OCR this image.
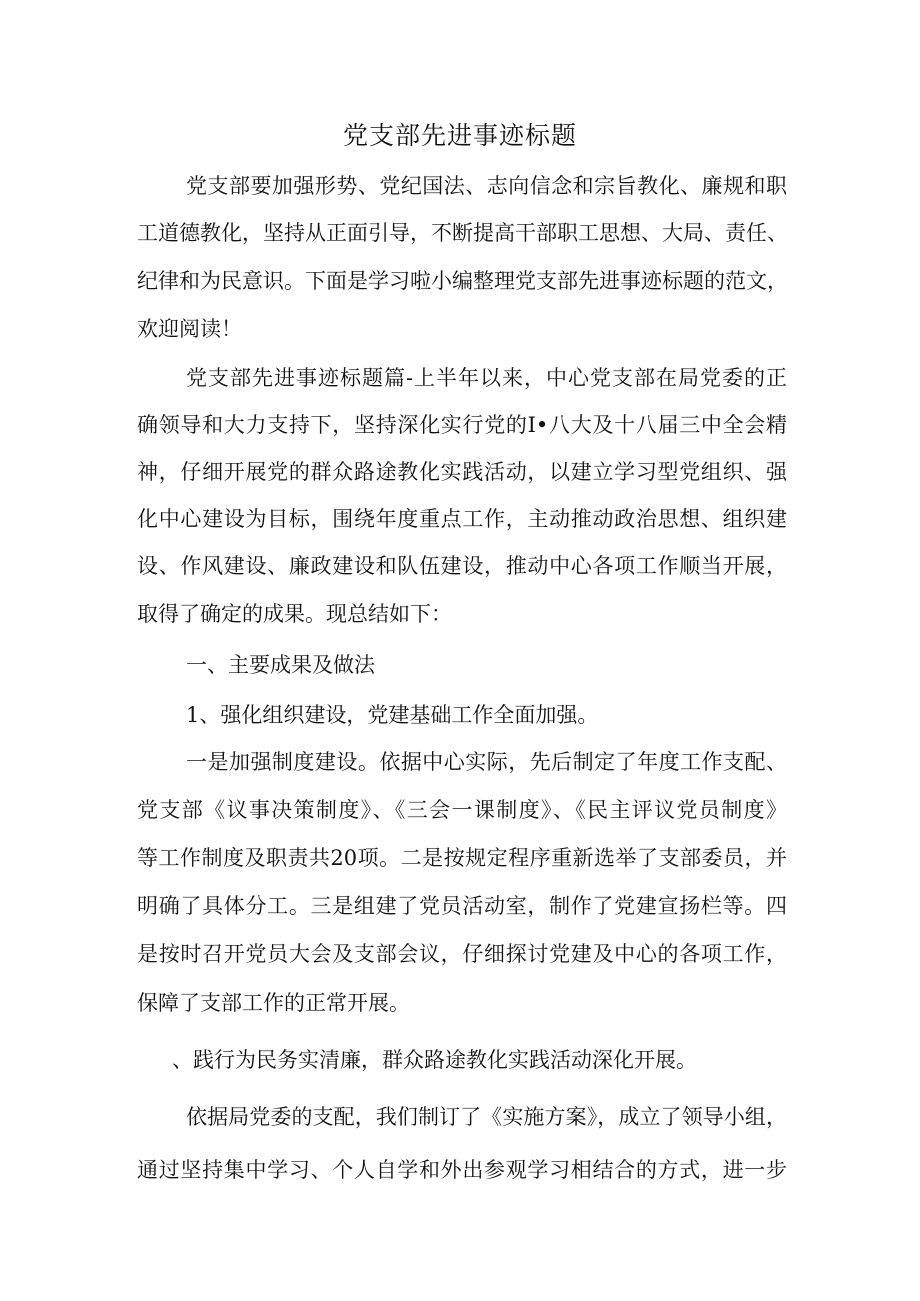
党支部先进事迹标题
党支部要加强形势、党纪国法、志向信念和宗旨教化、廉规和职
工道德教化，坚持从正面引导，不断提高干部职工思想、大局、责任、
纪律和为民意识。下面是学习啦小编整理党支部先进事迹标题的范文，
欢迎阅读！
党支部先进事迹标题篇-上半年以来，中心党支部在局党委的正
确领导和大力支持下，坚持深化实行党的I•八大及十八届三中全会精
神，仔细开展党的群众路途教化实践活动，以建立学习型党组织、强
化中心建设为目标，围绕年度重点工作，主动推动政治思想、组织建
设、作风建设、廉政建设和队伍建设，推动中心各项工作顺当开展，
取得了确定的成果。现总结如下：
一、主要成果及做法
1、强化组织建设，党建基础工作全面加强。
一是加强制度建设。依据中心实际，先后制定了年度工作支配、
党支部《议事决策制度》、《三会一课制度》、《民主评议党员制度》
等工作制度及职责共20项。二是按规定程序重新选举了支部委员，并
明确了具体分工。三是组建了党员活动室，制作了党建宣扬栏等。四
是按时召开党员大会及支部会议，仔细探讨党建及中心的各项工作，
保障了支部工作的正常开展。
、践行为民务实清廉，群众路途教化实践活动深化开展。
依据局党委的支配，我们制订了《实施方案》，成立了领导小组，
通过坚持集中学习、个人自学和外出参观学习相结合的方式，进一步
